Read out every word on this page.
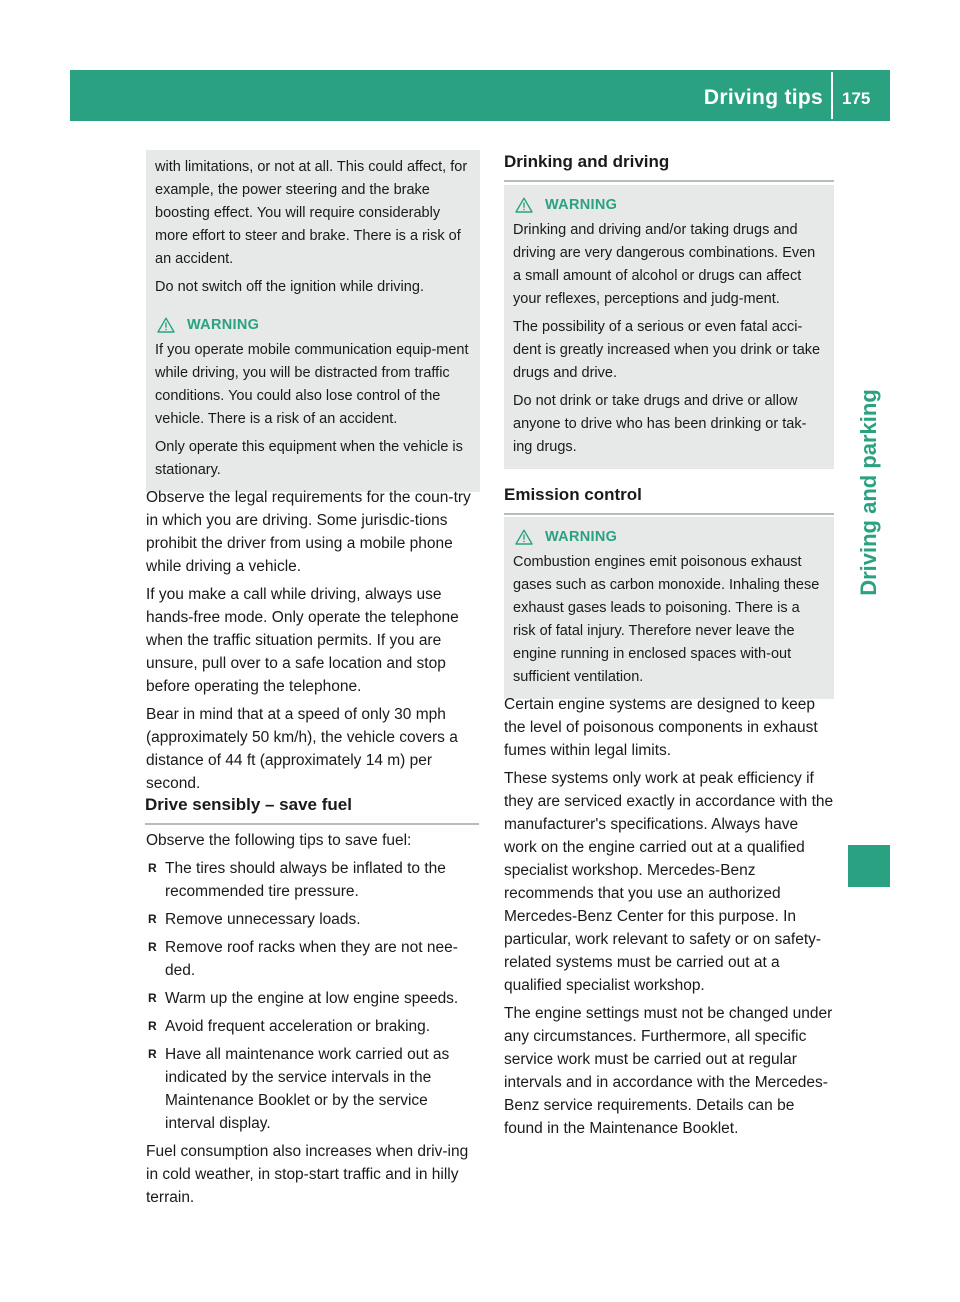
Driving tips 175
Driving and parking

with limitations, or not at all. This could affect, for example, the power steering and the brake boosting effect. You will require considerably more effort to steer and brake. There is a risk of an accident.

Do not switch off the ignition while driving.

WARNING

If you operate mobile communication equip-ment while driving, you will be distracted from traffic conditions. You could also lose control of the vehicle. There is a risk of an accident.

Only operate this equipment when the vehicle is stationary.

Observe the legal requirements for the coun-try in which you are driving. Some jurisdic-tions prohibit the driver from using a mobile phone while driving a vehicle.

If you make a call while driving, always use hands-free mode. Only operate the telephone when the traffic situation permits. If you are unsure, pull over to a safe location and stop before operating the telephone.

Bear in mind that at a speed of only 30 mph (approximately 50 km/h), the vehicle covers a distance of 44 ft (approximately 14 m) per second.

Drive sensibly – save fuel

Observe the following tips to save fuel:

R The tires should always be inflated to the recommended tire pressure.
R Remove unnecessary loads.
R Remove roof racks when they are not nee-ded.
R Warm up the engine at low engine speeds.
R Avoid frequent acceleration or braking.
R Have all maintenance work carried out as indicated by the service intervals in the Maintenance Booklet or by the service interval display.

Fuel consumption also increases when driv-ing in cold weather, in stop-start traffic and in hilly terrain.

Drinking and driving
WARNING

Drinking and driving and/or taking drugs and driving are very dangerous combinations. Even a small amount of alcohol or drugs can affect your reflexes, perceptions and judg-ment.

The possibility of a serious or even fatal acci-dent is greatly increased when you drink or take drugs and drive.

Do not drink or take drugs and drive or allow anyone to drive who has been drinking or tak-ing drugs.

Emission control
WARNING

Combustion engines emit poisonous exhaust gases such as carbon monoxide. Inhaling these exhaust gases leads to poisoning. There is a risk of fatal injury. Therefore never leave the engine running in enclosed spaces with-out sufficient ventilation.

Certain engine systems are designed to keep the level of poisonous components in exhaust fumes within legal limits.

These systems only work at peak efficiency if they are serviced exactly in accordance with the manufacturer's specifications. Always have work on the engine carried out at a qualified specialist workshop. Mercedes-Benz recommends that you use an authorized Mercedes-Benz Center for this purpose. In particular, work relevant to safety or on safety-related systems must be carried out at a qualified specialist workshop.

The engine settings must not be changed under any circumstances. Furthermore, all specific service work must be carried out at regular intervals and in accordance with the Mercedes-Benz service requirements. Details can be found in the Maintenance Booklet.
